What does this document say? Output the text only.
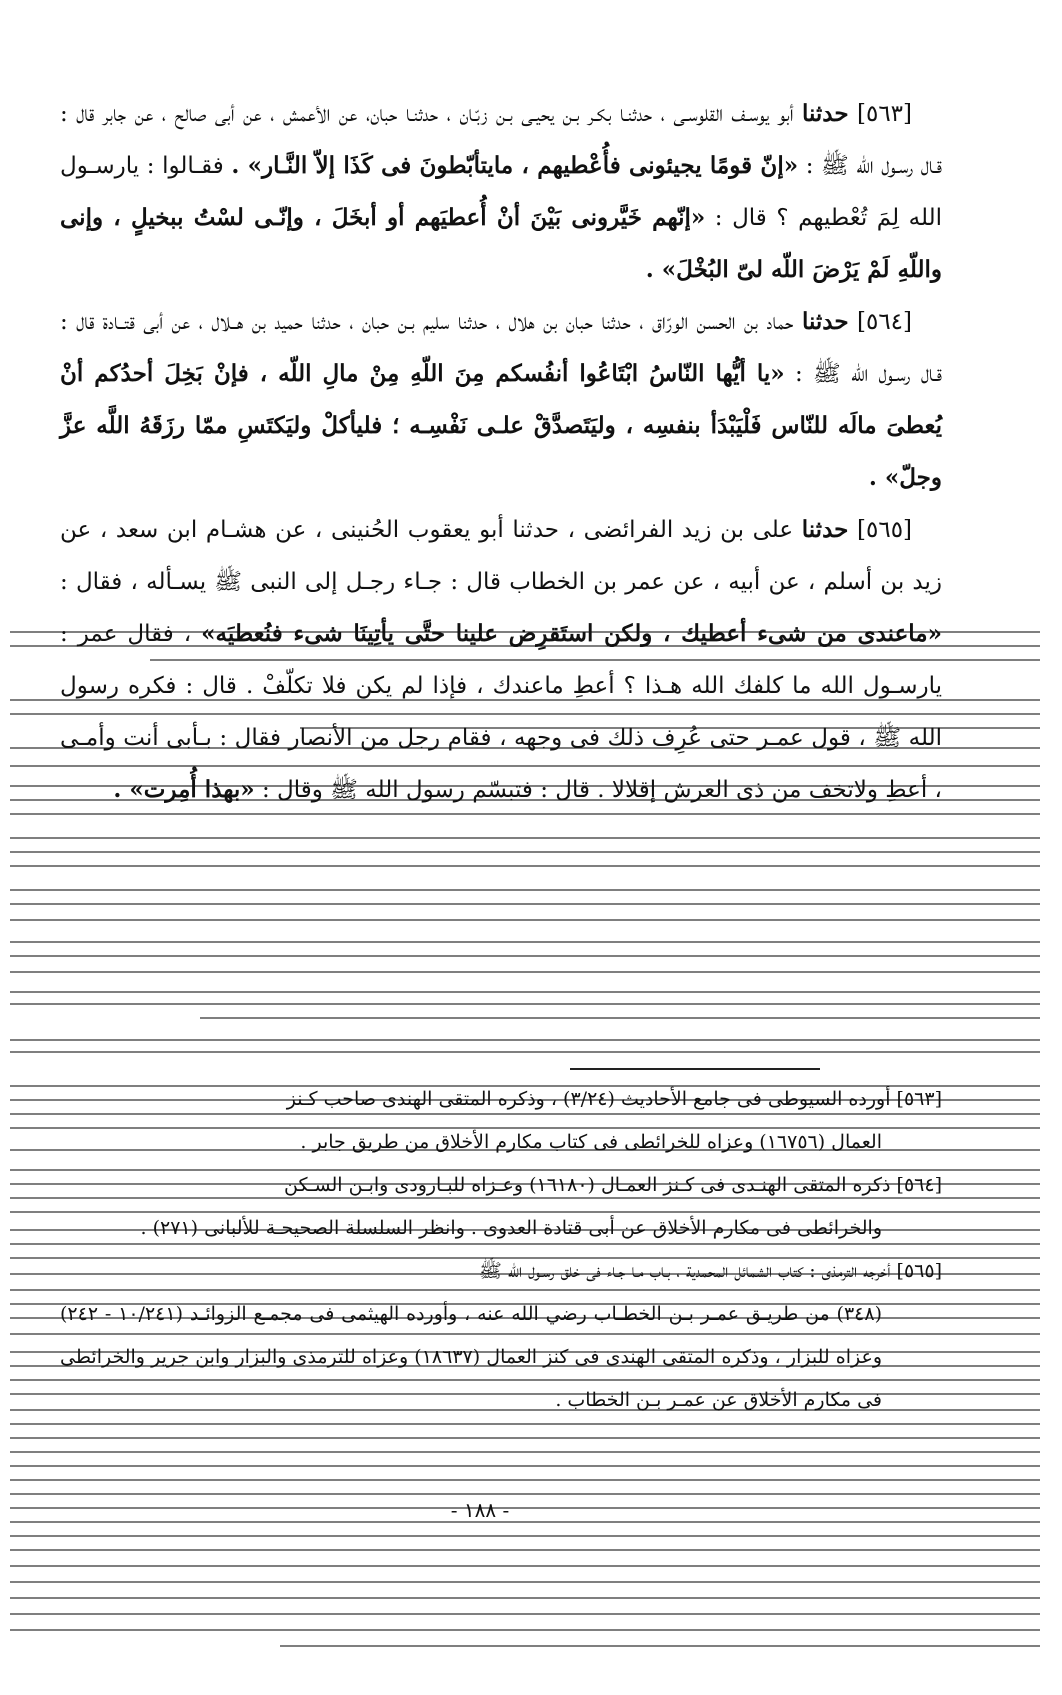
[٥٦٣] حدثنا أبو يوسـف القلوسـى ، حدثنـا بكـر بـن يحيـى بـن زبّـان ، حدثنـا حبان، عن الأعمش ، عن أبى صالح ، عن جابر قال : قـال رسـول الله ﷺ : «إنّ قومًا يجيئونى فأُعْطيهم ، مايتأبّطونَ فى كَذَا إلاّ النَّـار» . فقـالوا : يارسـول الله لِمَ تُعْطيهم ؟ قال : «إنّهم خَيَّرونى بَيْنَ أنْ أُعطيَهم أو أبخَلَ ، وإنّـى لسْتُ ببخيلٍ ، وإنى واللّهِ لَمْ يَرْضَ اللّه لىّ البُخْلَ» .

[٥٦٤] حدثنا حماد بن الحسن الورّاق ، حدثنا حبان بن هلال ، حدثنا سليم بـن حبان ، حدثنا حميد بن هــلال ، عن أبى قتــادة قال : قـال رسـول الله ﷺ : «يا أيُّها النّاسُ ابْتَاعُوا أنفُسكم مِنَ اللّهِ مِنْ مالِ اللّه ، فإنْ بَخِلَ أحدُكم أنْ يُعطىَ مالَه للنّاس فَلْيَبْدَأ بنفسِه ، وليَتَصدَّقْ علـى نَفْسِـه ؛ فليأكلْ وليَكتَسِ ممّا رزَقَهُ اللَّه عزَّ وجلّ» .

[٥٦٥] حدثنا على بن زيد الفرائضى ، حدثنا أبو يعقوب الحُنينى ، عن هشـام ابن سعد ، عن زيد بن أسلم ، عن أبيه ، عن عمر بن الخطاب قال : جـاء رجـل إلى النبى ﷺ يسـأله ، فقال : «ماعندى من شىء أعطيك ، ولكن استَقرِض علينا حتَّى يأتِينَا شىء فنُعطيَه» ، فقال عمر : يارسـول الله ما كلفك الله هـذا ؟ أعطِ ماعندك ، فإذا لم يكن فلا تكلّفْ . قال : فكره رسول الله ﷺ ، قول عمـر حتى عُرِف ذلك فى وجهه ، فقام رجل من الأنصار فقال : بـأبى أنت وأمـى ، أعطِ ولاتخف من ذى العرش إقلالا . قال : فتبسّم رسول الله ﷺ وقال : «بهذا أُمِرت» .

[٥٦٣] أورده السيوطى فى جامع الأحاديث (٣/٢٤) ، وذكره المتقى الهندى صاحب كـنز

العمال (١٦٧٥٦) وعزاه للخرائطى فى كتاب مكارم الأخلاق من طريق جابر .

[٥٦٤] ذكره المتقى الهنـدى فى كـنز العمـال (١٦١٨٠) وعـزاه للبـارودى وابـن السـكن

والخرائطى فى مكارم الأخلاق عن أبى قتادة العدوى . وانظر السلسلة الصحيحـة للألبانى (٢٧١) .

[٥٦٥] أخرجه الترمذى : كتاب الشمائل المحمدية ، بـاب مـا جـاء فى خلق رسـول الله ﷺ

(٣٤٨) من طريـق عمـر بـن الخطـاب رضي الله عنه ، وأورده الهيثمى فى مجمـع الزوائـد (١٠/٢٤١ - ٢٤٢) وعزاه للبزار ، وذكره المتقى الهندى فى كنز العمال (١٨٦٣٧) وعزاه للترمذى والبزار وابن جرير والخرائطى فى مكارم الأخلاق عن عمـر بـن الخطاب .

- ١٨٨ -
